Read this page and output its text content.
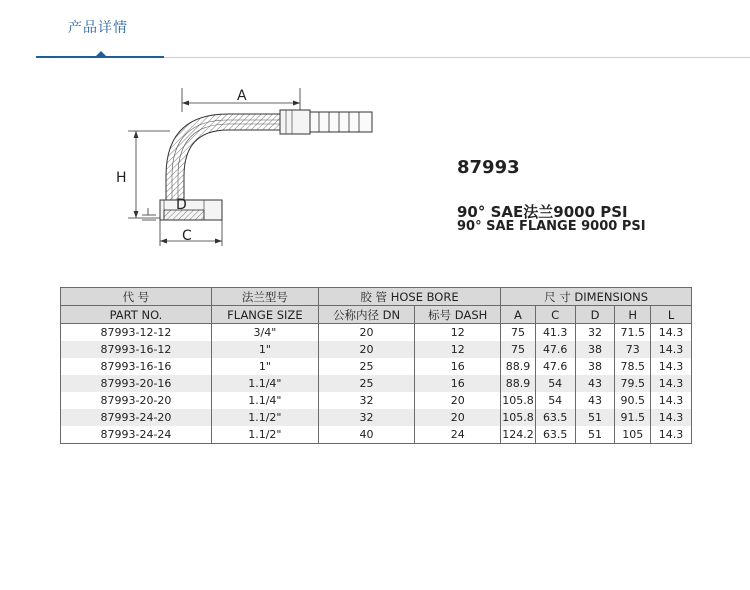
产品详情
A
H
D
C
87993
90° SAE法兰9000 PSI
90° SAE FLANGE 9000 PSI
代 号	法兰型号	胶 管 HOSE BORE		尺 寸 DIMENSIONS				
PART NO.	FLANGE SIZE	公称内径 DN	标号 DASH	A	C	D	H	L
87993-12-12	3/4"	20	12	75	41.3	32	71.5	14.3
87993-16-12	1"	20	12	75	47.6	38	73	14.3
87993-16-16	1"	25	16	88.9	47.6	38	78.5	14.3
87993-20-16	1.1/4"	25	16	88.9	54	43	79.5	14.3
87993-20-20	1.1/4"	32	20	105.8	54	43	90.5	14.3
87993-24-20	1.1/2"	32	20	105.8	63.5	51	91.5	14.3
87993-24-24	1.1/2"	40	24	124.2	63.5	51	105	14.3
